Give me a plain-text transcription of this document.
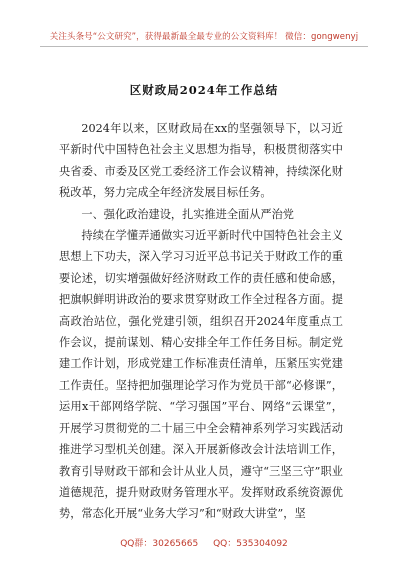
关注头条号“公文研究”，获得最新最全最专业的公文资料库！ 微信：gongwenyj
区财政局2024年工作总结

2024年以来，区财政局在xx的坚强领导下，以习近平新时代中国特色社会主义思想为指导，积极贯彻落实中央省委、市委及区党工委经济工作会议精神，持续深化财税改革，努力完成全年经济发展目标任务。

一、强化政治建设，扎实推进全面从严治党

持续在学懂弄通做实习近平新时代中国特色社会主义思想上下功夫，深入学习习近平总书记关于财政工作的重要论述，切实增强做好经济财政工作的责任感和使命感，把旗帜鲜明讲政治的要求贯穿财政工作全过程各方面。提高政治站位，强化党建引领，组织召开2024年度重点工作会议，提前谋划、精心安排全年工作任务目标。制定党建工作计划，形成党建工作标准责任清单，压紧压实党建工作责任。坚持把加强理论学习作为党员干部“必修课”，运用x干部网络学院、“学习强国”平台、网络“云课堂”，开展学习贯彻党的二十届三中全会精神系列学习实践活动推进学习型机关创建。深入开展新修改会计法培训工作，教育引导财政干部和会计从业人员，遵守“三坚三守”职业道德规范，提升财政财务管理水平。发挥财政系统资源优势，常态化开展“业务大学习”和“财政大讲堂”，坚

QQ群：30265665 QQ：535304092
